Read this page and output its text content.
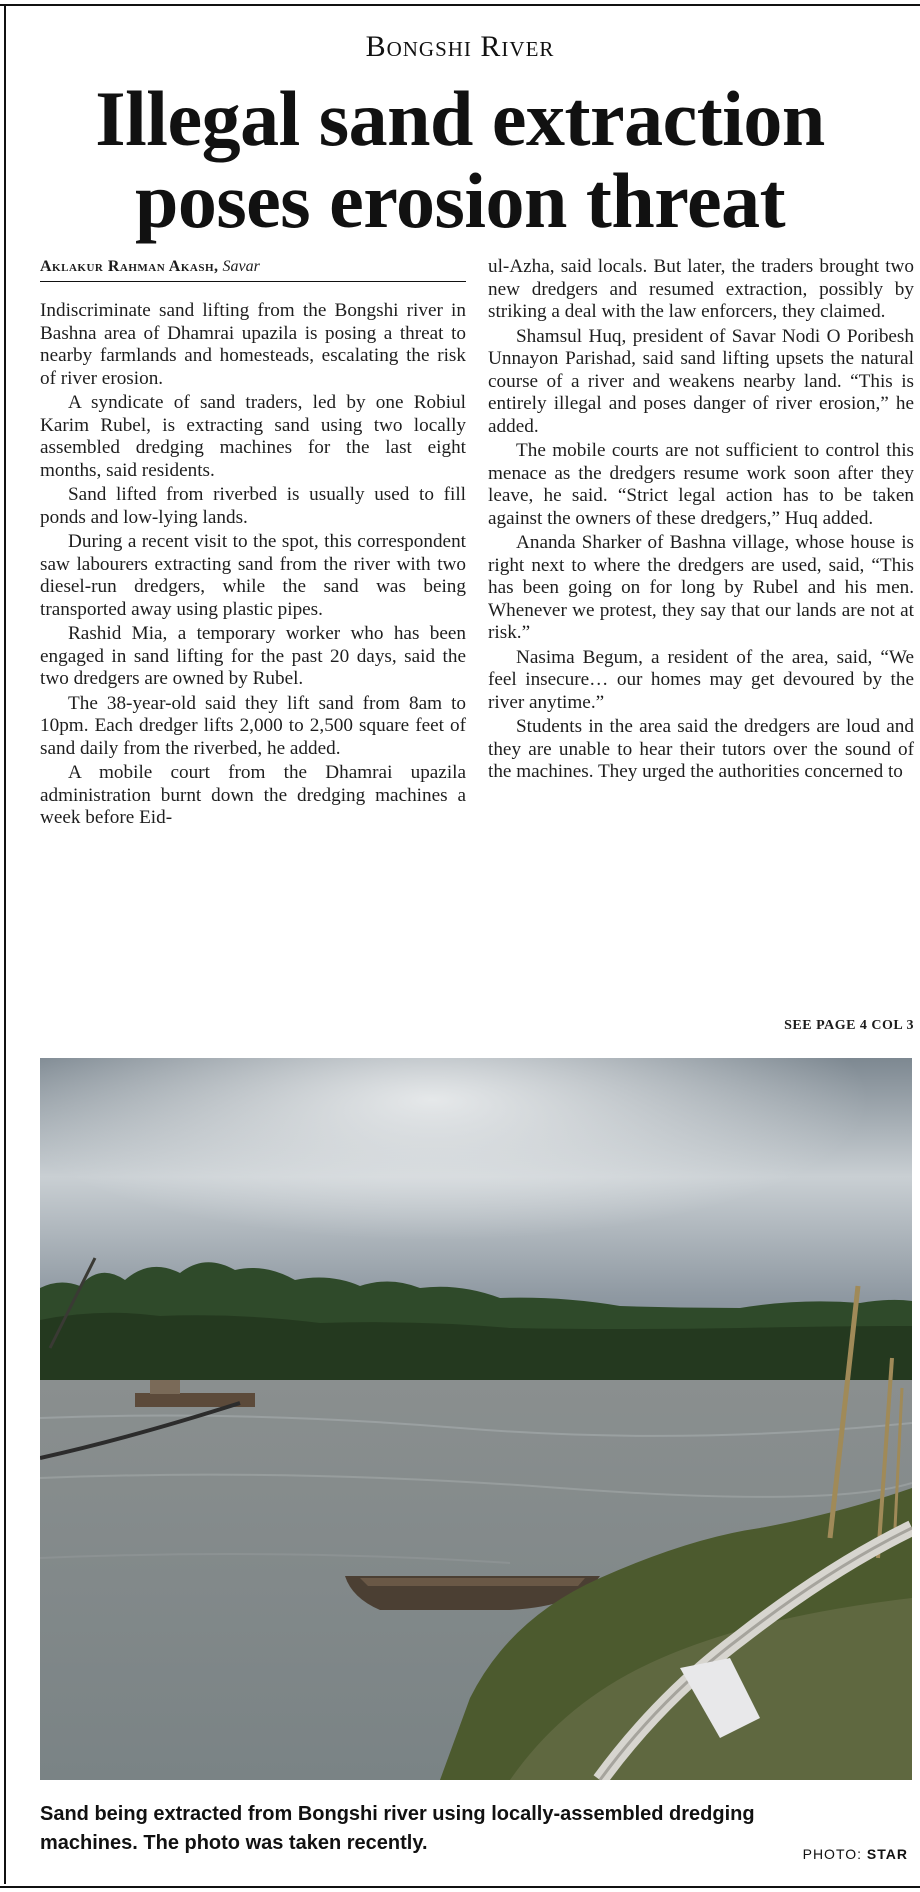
Bongshi River
Illegal sand extraction poses erosion threat
Aklakur Rahman Akash, Savar

Indiscriminate sand lifting from the Bongshi river in Bashna area of Dhamrai upazila is posing a threat to nearby farmlands and homesteads, escalating the risk of river erosion.

A syndicate of sand traders, led by one Robiul Karim Rubel, is extracting sand using two locally assembled dredging machines for the last eight months, said residents.

Sand lifted from riverbed is usually used to fill ponds and low-lying lands.

During a recent visit to the spot, this correspondent saw labourers extracting sand from the river with two diesel-run dredgers, while the sand was being transported away using plastic pipes.

Rashid Mia, a temporary worker who has been engaged in sand lifting for the past 20 days, said the two dredgers are owned by Rubel.

The 38-year-old said they lift sand from 8am to 10pm. Each dredger lifts 2,000 to 2,500 square feet of sand daily from the riverbed, he added.

A mobile court from the Dhamrai upazila administration burnt down the dredging machines a week before Eid-

ul-Azha, said locals. But later, the traders brought two new dredgers and resumed extraction, possibly by striking a deal with the law enforcers, they claimed.

Shamsul Huq, president of Savar Nodi O Poribesh Unnayon Parishad, said sand lifting upsets the natural course of a river and weakens nearby land. “This is entirely illegal and poses danger of river erosion,” he added.

The mobile courts are not sufficient to control this menace as the dredgers resume work soon after they leave, he said. “Strict legal action has to be taken against the owners of these dredgers,” Huq added.

Ananda Sharker of Bashna village, whose house is right next to where the dredgers are used, said, “This has been going on for long by Rubel and his men. Whenever we protest, they say that our lands are not at risk.”

Nasima Begum, a resident of the area, said, “We feel insecure… our homes may get devoured by the river anytime.”

Students in the area said the dredgers are loud and they are unable to hear their tutors over the sound of the machines. They urged the authorities concerned to

SEE PAGE 4 COL 3
Sand being extracted from Bongshi river using locally-assembled dredging machines. The photo was taken recently.	PHOTO: STAR
